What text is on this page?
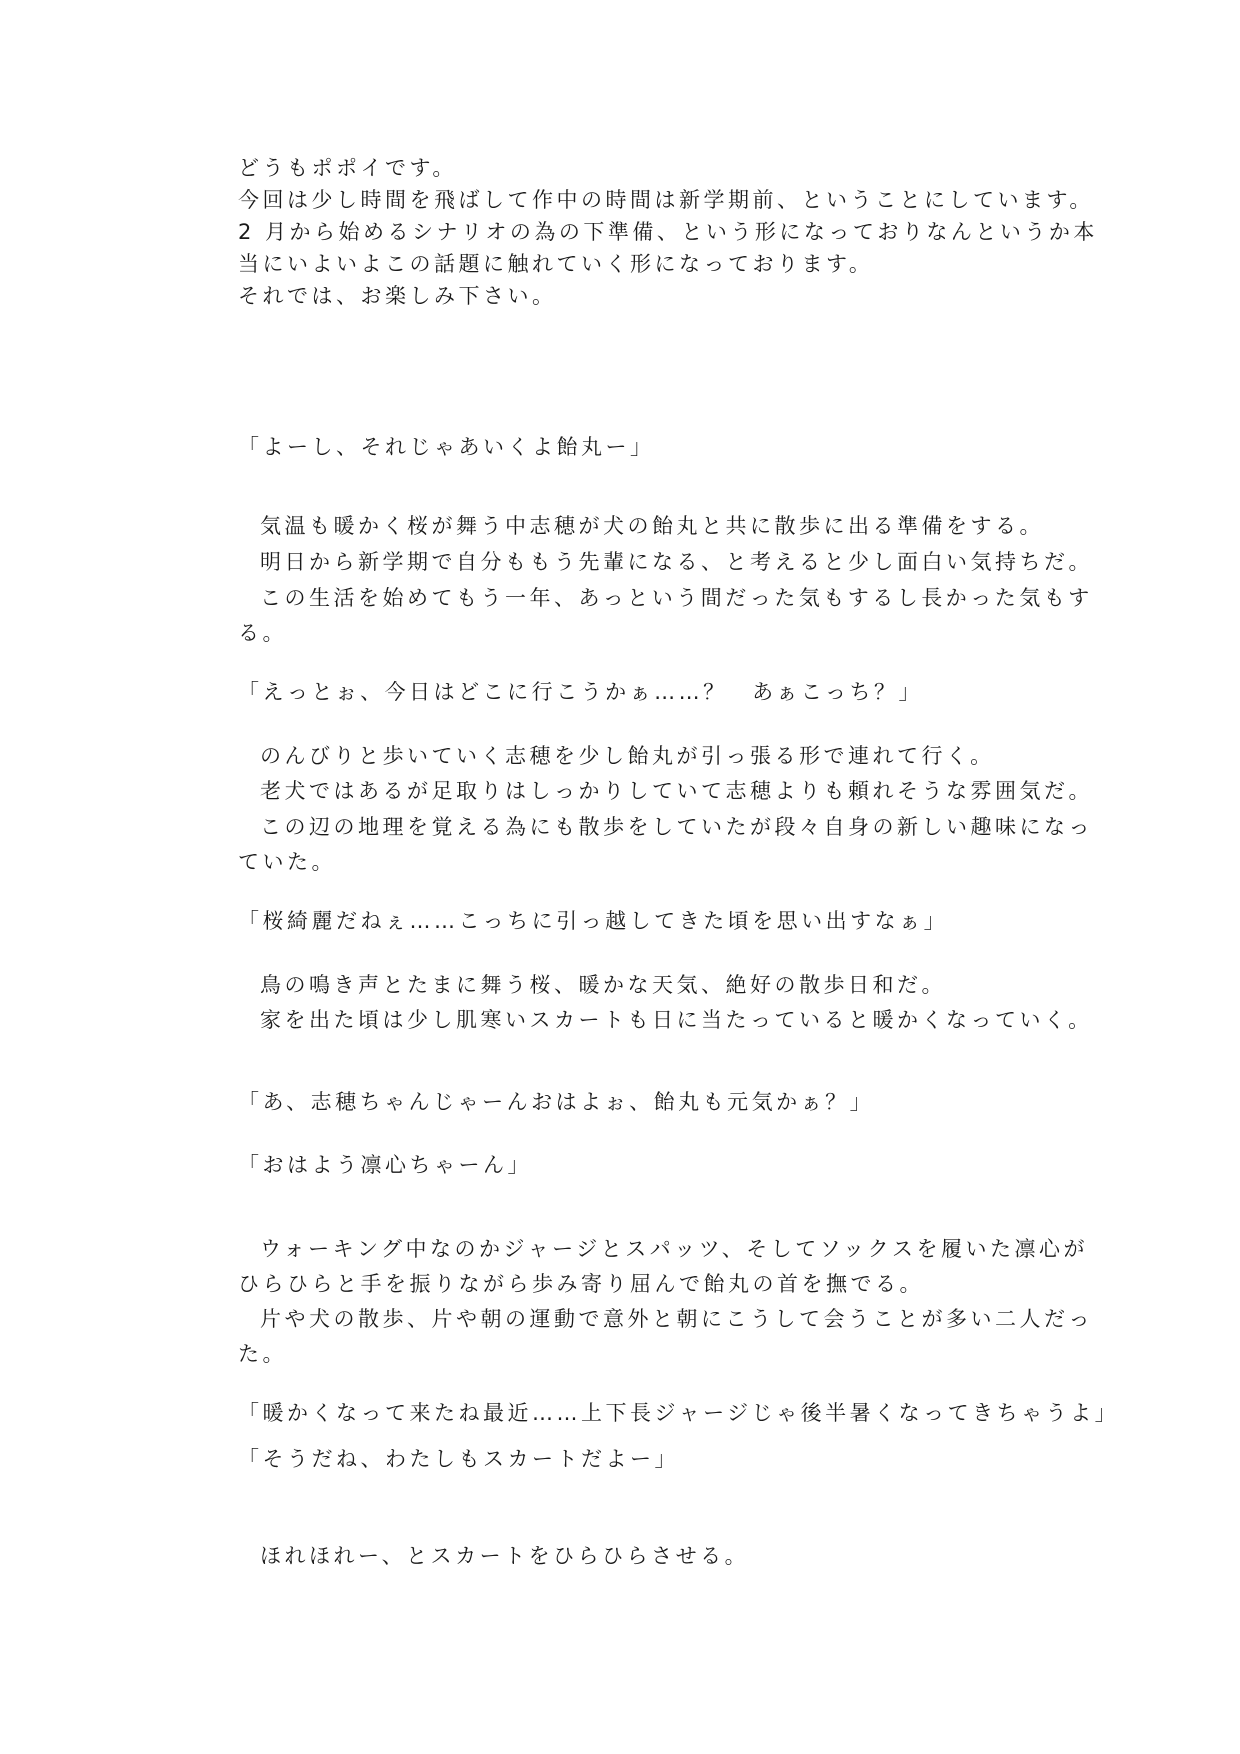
どうもポポイです。

今回は少し時間を飛ばして作中の時間は新学期前、ということにしています。

2 月から始めるシナリオの為の下準備、という形になっておりなんというか本

当にいよいよこの話題に触れていく形になっております。

それでは、お楽しみ下さい。

「よーし、それじゃあいくよ飴丸ー」

気温も暖かく桜が舞う中志穂が犬の飴丸と共に散歩に出る準備をする。

明日から新学期で自分ももう先輩になる、と考えると少し面白い気持ちだ。

この生活を始めてもう一年、あっという間だった気もするし長かった気もす

る。

「えっとぉ、今日はどこに行こうかぁ……？　あぁこっち？」

のんびりと歩いていく志穂を少し飴丸が引っ張る形で連れて行く。

老犬ではあるが足取りはしっかりしていて志穂よりも頼れそうな雰囲気だ。

この辺の地理を覚える為にも散歩をしていたが段々自身の新しい趣味になっ

ていた。

「桜綺麗だねぇ……こっちに引っ越してきた頃を思い出すなぁ」

鳥の鳴き声とたまに舞う桜、暖かな天気、絶好の散歩日和だ。

家を出た頃は少し肌寒いスカートも日に当たっていると暖かくなっていく。

「あ、志穂ちゃんじゃーんおはよぉ、飴丸も元気かぁ？」

「おはよう凛心ちゃーん」

ウォーキング中なのかジャージとスパッツ、そしてソックスを履いた凛心が

ひらひらと手を振りながら歩み寄り屈んで飴丸の首を撫でる。

片や犬の散歩、片や朝の運動で意外と朝にこうして会うことが多い二人だっ

た。

「暖かくなって来たね最近……上下長ジャージじゃ後半暑くなってきちゃうよ」

「そうだね、わたしもスカートだよー」

ほれほれー、とスカートをひらひらさせる。
